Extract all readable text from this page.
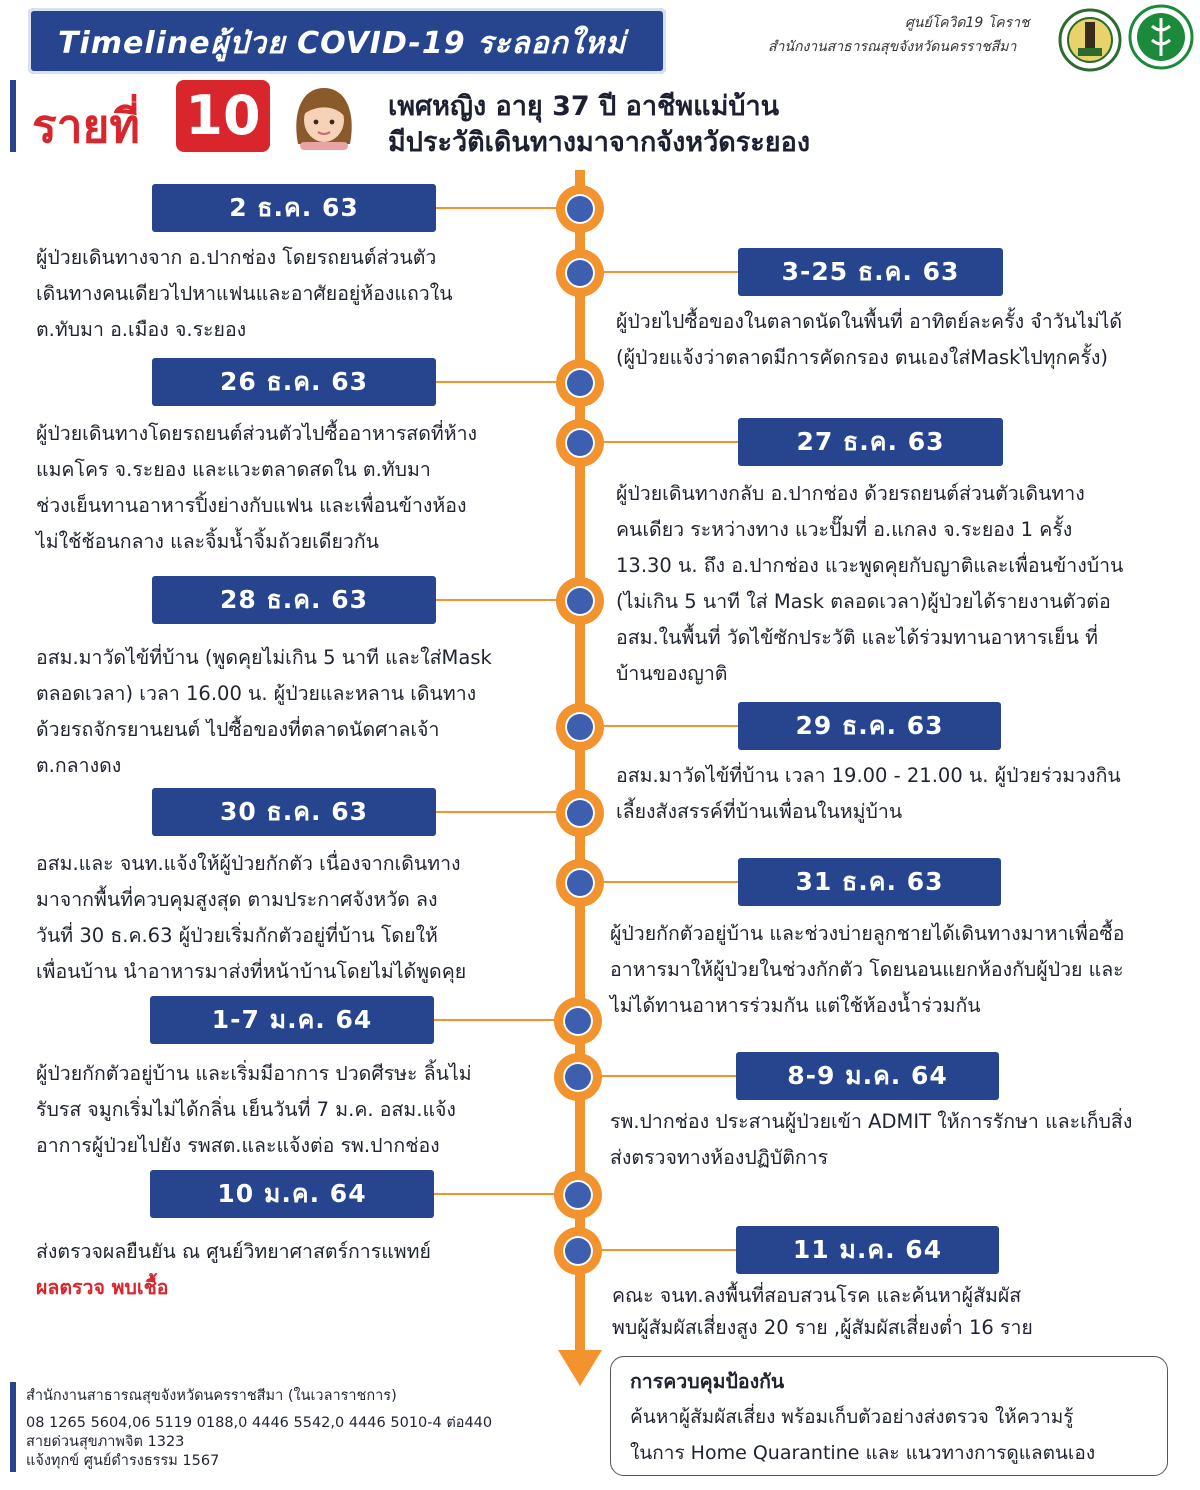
Timelineผู้ป่วย COVID-19 ระลอกใหม่
รายที่ 10	เพศหญิง อายุ 37 ปี อาชีพแม่บ้าน
มีประวัติเดินทางมาจากจังหวัดระยอง
ศูนย์โควิด19 โคราช
สำนักงานสาธารณสุขจังหวัดนครราชสีมา
2 ธ.ค. 63
ผู้ป่วยเดินทางจาก อ.ปากช่อง โดยรถยนต์ส่วนตัว
เดินทางคนเดียวไปหาแฟนและอาศัยอยู่ห้องแถวใน
ต.ทับมา อ.เมือง จ.ระยอง
3-25 ธ.ค. 63
ผู้ป่วยไปซื้อของในตลาดนัดในพื้นที่ อาทิตย์ละครั้ง จำวันไม่ได้
(ผู้ป่วยแจ้งว่าตลาดมีการคัดกรอง ตนเองใส่Maskไปทุกครั้ง)
26 ธ.ค. 63
ผู้ป่วยเดินทางโดยรถยนต์ส่วนตัวไปซื้ออาหารสดที่ห้าง
แมคโคร จ.ระยอง และแวะตลาดสดใน ต.ทับมา
ช่วงเย็นทานอาหารปิ้งย่างกับแฟน และเพื่อนข้างห้อง
ไม่ใช้ช้อนกลาง และจิ้มน้ำจิ้มถ้วยเดียวกัน
27 ธ.ค. 63
ผู้ป่วยเดินทางกลับ อ.ปากช่อง ด้วยรถยนต์ส่วนตัวเดินทาง
คนเดียว ระหว่างทาง แวะปั๊มที่ อ.แกลง จ.ระยอง 1 ครั้ง
13.30 น. ถึง อ.ปากช่อง แวะพูดคุยกับญาติและเพื่อนข้างบ้าน
(ไม่เกิน 5 นาที ใส่ Mask ตลอดเวลา)ผู้ป่วยได้รายงานตัวต่อ
อสม.ในพื้นที่ วัดไข้ซักประวัติ และได้ร่วมทานอาหารเย็น ที่
บ้านของญาติ
28 ธ.ค. 63
อสม.มาวัดไข้ที่บ้าน (พูดคุยไม่เกิน 5 นาที และใส่Mask
ตลอดเวลา) เวลา 16.00 น. ผู้ป่วยและหลาน เดินทาง
ด้วยรถจักรยานยนต์ ไปซื้อของที่ตลาดนัดศาลเจ้า
ต.กลางดง
29 ธ.ค. 63
อสม.มาวัดไข้ที่บ้าน เวลา 19.00 - 21.00 น. ผู้ป่วยร่วมวงกิน
เลี้ยงสังสรรค์ที่บ้านเพื่อนในหมู่บ้าน
30 ธ.ค. 63
อสม.และ จนท.แจ้งให้ผู้ป่วยกักตัว เนื่องจากเดินทาง
มาจากพื้นที่ควบคุมสูงสุด ตามประกาศจังหวัด ลง
วันที่ 30 ธ.ค.63 ผู้ป่วยเริ่มกักตัวอยู่ที่บ้าน โดยให้
เพื่อนบ้าน นำอาหารมาส่งที่หน้าบ้านโดยไม่ได้พูดคุย
31 ธ.ค. 63
ผู้ป่วยกักตัวอยู่บ้าน และช่วงบ่ายลูกชายได้เดินทางมาหาเพื่อซื้อ
อาหารมาให้ผู้ป่วยในช่วงกักตัว โดยนอนแยกห้องกับผู้ป่วย และ
ไม่ได้ทานอาหารร่วมกัน แต่ใช้ห้องน้ำร่วมกัน
1-7 ม.ค. 64
ผู้ป่วยกักตัวอยู่บ้าน และเริ่มมีอาการ ปวดศีรษะ ลิ้นไม่
รับรส จมูกเริ่มไม่ได้กลิ่น เย็นวันที่ 7 ม.ค. อสม.แจ้ง
อาการผู้ป่วยไปยัง รพสต.และแจ้งต่อ รพ.ปากช่อง
8-9 ม.ค. 64
รพ.ปากช่อง ประสานผู้ป่วยเข้า ADMIT ให้การรักษา และเก็บสิ่ง
ส่งตรวจทางห้องปฏิบัติการ
10 ม.ค. 64
ส่งตรวจผลยืนยัน ณ ศูนย์วิทยาศาสตร์การแพทย์
ผลตรวจ พบเชื้อ
11 ม.ค. 64
คณะ จนท.ลงพื้นที่สอบสวนโรค และค้นหาผู้สัมผัส
พบผู้สัมผัสเสี่ยงสูง 20 ราย ,ผู้สัมผัสเสี่ยงต่ำ 16 ราย
สำนักงานสาธารณสุขจังหวัดนครราชสีมา (ในเวลาราชการ)
08 1265 5604,06 5119 0188,0 4446 5542,0 4446 5010-4 ต่อ440
สายด่วนสุขภาพจิต 1323
แจ้งทุกข์ ศูนย์ดำรงธรรม 1567
การควบคุมป้องกัน
ค้นหาผู้สัมผัสเสี่ยง พร้อมเก็บตัวอย่างส่งตรวจ ให้ความรู้
ในการ Home Quarantine และ แนวทางการดูแลตนเอง
